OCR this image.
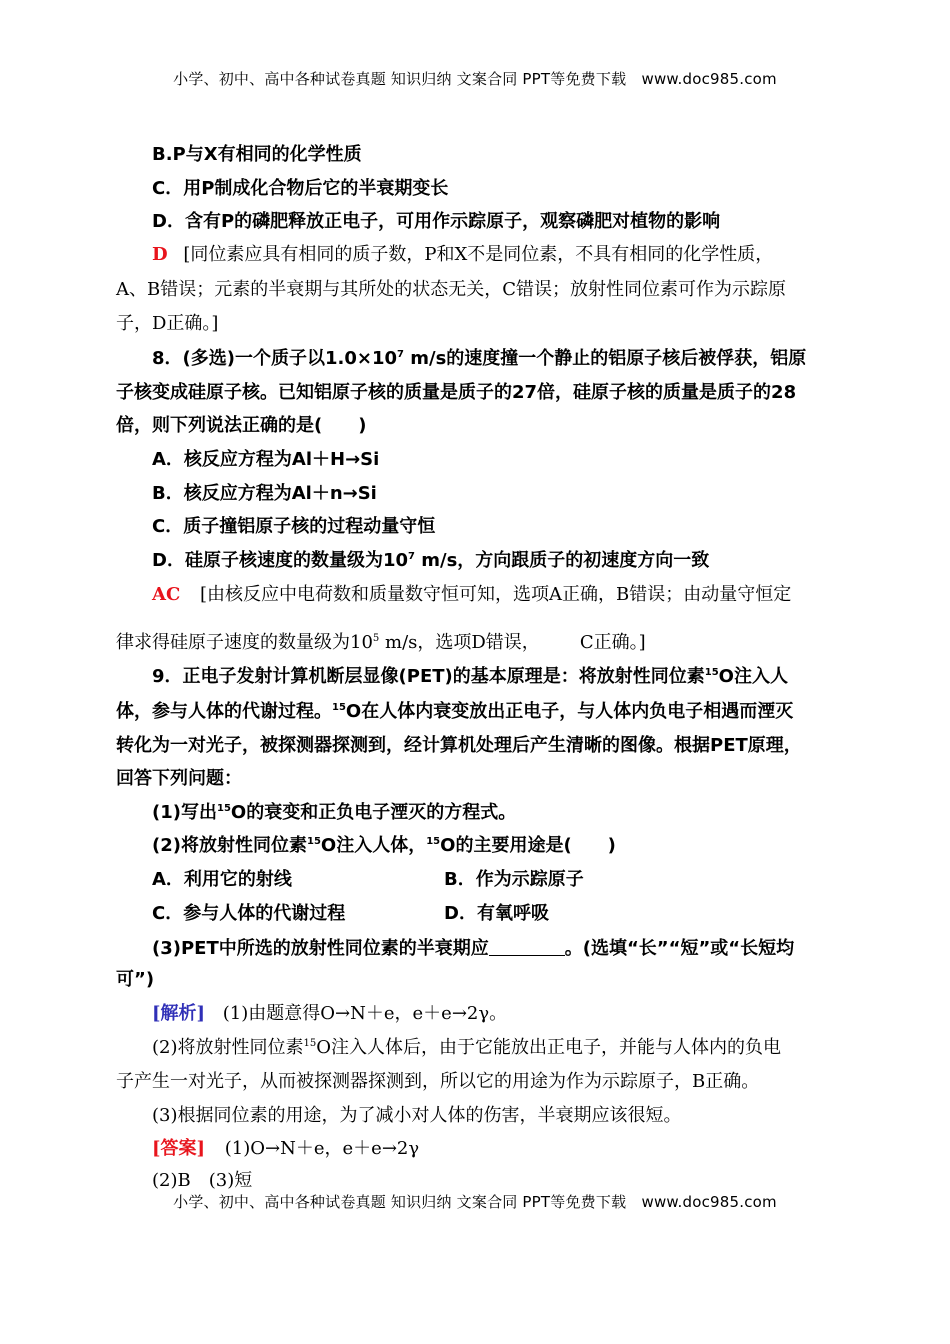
小学、初中、高中各种试卷真题 知识归纳 文案合同 PPT等免费下载　www.doc985.com
B.P与X有相同的化学性质
C．用P制成化合物后它的半衰期变长
D．含有P的磷肥释放正电子，可用作示踪原子，观察磷肥对植物的影响
D [同位素应具有相同的质子数，P和X不是同位素，不具有相同的化学性质，
A、B错误；元素的半衰期与其所处的状态无关，C错误；放射性同位素可作为示踪原
子，D正确。]
8．(多选)一个质子以$1.0\times 10^7$ m/s的速度撞一个静止的铝原子核后被俘获，铝原
子核变成硅原子核。已知铝原子核的质量是质子的27倍，硅原子核的质量是质子的28
倍，则下列说法正确的是(　　)
A．核反应方程为Al＋H→Si
B．核反应方程为Al＋n→Si
C．质子撞铝原子核的过程动量守恒
D．硅原子核速度的数量级为$10^7$ m/s，方向跟质子的初速度方向一致
AC [由核反应中电荷数和质量数守恒可知，选项A正确，B错误；由动量守恒定
律求得硅原子速度的数量级为$10^5$ m/s，选项D错误， C正确。]
9．正电子发射计算机断层显像(PET)的基本原理是：将放射性同位素$^{15}$O注入人
体，参与人体的代谢过程。$^{15}$O在人体内衰变放出正电子，与人体内负电子相遇而湮灭
转化为一对光子，被探测器探测到，经计算机处理后产生清晰的图像。根据PET原理，
回答下列问题：
(1)写出$^{15}$O的衰变和正负电子湮灭的方程式。
(2)将放射性同位素$^{15}$O注入人体，$^{15}$O的主要用途是(　　)
A．利用它的射线	B．作为示踪原子
C．参与人体的代谢过程	D．有氧呼吸
(3)PET中所选的放射性同位素的半衰期应	。(选填“长”“短”或“长短均
可”)
[解析] (1)由题意得O→N＋e，e＋e→2γ。
(2)将放射性同位素$^{15}$O注入人体后，由于它能放出正电子，并能与人体内的负电
子产生一对光子，从而被探测器探测到，所以它的用途为作为示踪原子，B正确。
(3)根据同位素的用途，为了减小对人体的伤害，半衰期应该很短。
[答案] (1)O→N＋e，e＋e→2γ
(2)B　(3)短
小学、初中、高中各种试卷真题 知识归纳 文案合同 PPT等免费下载　www.doc985.com
